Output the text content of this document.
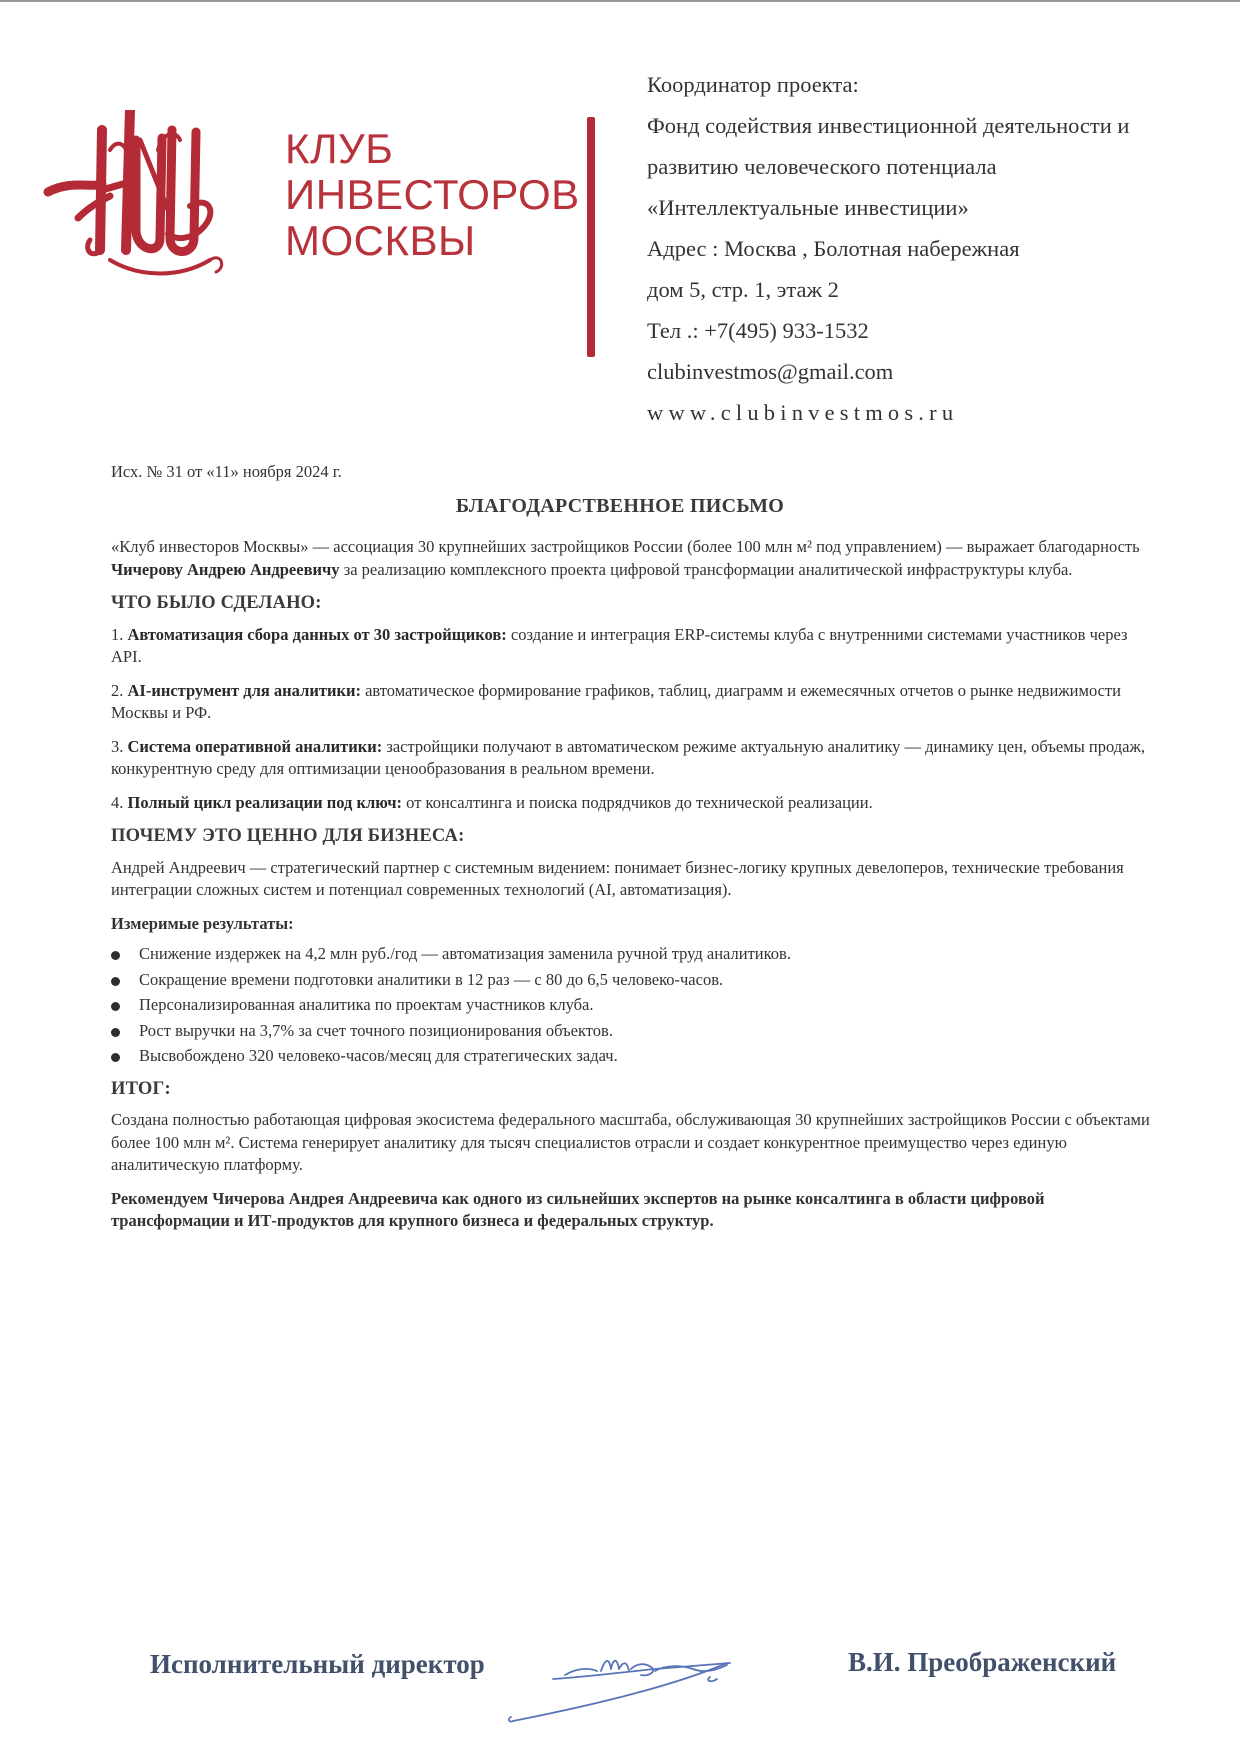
КЛУБ
ИНВЕСТОРОВ
МОСКВЫ
Координатор проекта:
Фонд содействия инвестиционной деятельности и
развитию человеческого потенциала
«Интеллектуальные инвестиции»
Адрес : Москва , Болотная набережная
дом 5, стр. 1, этаж 2
Тел .: +7(495) 933-1532
clubinvestmos@gmail.com
www.clubinvestmos.ru
Исх. № 31 от «11» ноября 2024 г.
БЛАГОДАРСТВЕННОЕ ПИСЬМО

«Клуб инвесторов Москвы» — ассоциация 30 крупнейших застройщиков России (более 100 млн м² под управлением) — выражает благодарность Чичерову Андрею Андреевичу за реализацию комплексного проекта цифровой трансформации аналитической инфраструктуры клуба.

ЧТО БЫЛО СДЕЛАНО:

1. Автоматизация сбора данных от 30 застройщиков: создание и интеграция ERP-системы клуба с внутренними системами участников через API.

2. AI-инструмент для аналитики: автоматическое формирование графиков, таблиц, диаграмм и ежемесячных отчетов о рынке недвижимости Москвы и РФ.

3. Система оперативной аналитики: застройщики получают в автоматическом режиме актуальную аналитику — динамику цен, объемы продаж, конкурентную среду для оптимизации ценообразования в реальном времени.

4. Полный цикл реализации под ключ: от консалтинга и поиска подрядчиков до технической реализации.

ПОЧЕМУ ЭТО ЦЕННО ДЛЯ БИЗНЕСА:

Андрей Андреевич — стратегический партнер с системным видением: понимает бизнес-логику крупных девелоперов, технические требования интеграции сложных систем и потенциал современных технологий (AI, автоматизация).

Измеримые результаты:
Снижение издержек на 4,2 млн руб./год — автоматизация заменила ручной труд аналитиков.
Сокращение времени подготовки аналитики в 12 раз — с 80 до 6,5 человеко-часов.
Персонализированная аналитика по проектам участников клуба.
Рост выручки на 3,7% за счет точного позиционирования объектов.
Высвобождено 320 человеко-часов/месяц для стратегических задач.
ИТОГ:

Создана полностью работающая цифровая экосистема федерального масштаба, обслуживающая 30 крупнейших застройщиков России с объектами более 100 млн м². Система генерирует аналитику для тысяч специалистов отрасли и создает конкурентное преимущество через единую аналитическую платформу.

Рекомендуем Чичерова Андрея Андреевича как одного из сильнейших экспертов на рынке консалтинга в области цифровой трансформации и ИТ-продуктов для крупного бизнеса и федеральных структур.

Исполнительный директор	В.И. Преображенский
